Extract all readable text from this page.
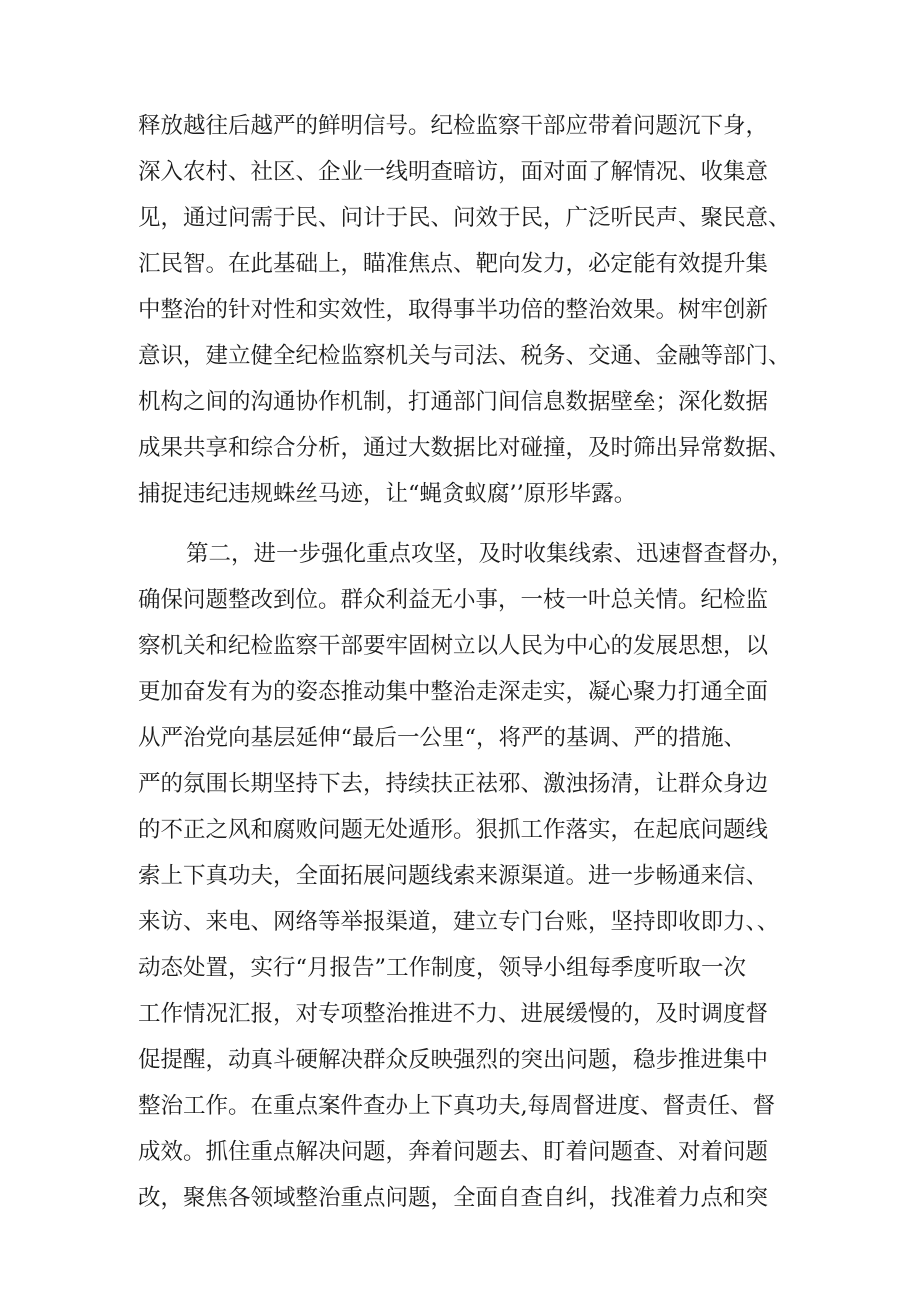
释放越往后越严的鲜明信号。纪检监察干部应带着问题沉下身，
深入农村、社区、企业一线明查暗访，面对面了解情况、收集意
见，通过问需于民、问计于民、问效于民，广泛听民声、聚民意、
汇民智。在此基础上，瞄准焦点、靶向发力，必定能有效提升集
中整治的针对性和实效性，取得事半功倍的整治效果。树牢创新
意识，建立健全纪检监察机关与司法、税务、交通、金融等部门、
机构之间的沟通协作机制，打通部门间信息数据壁垒；深化数据
成果共享和综合分析，通过大数据比对碰撞，及时筛出异常数据、
捕捉违纪违规蛛丝马迹，让“蝇贪蚁腐’’原形毕露。
第二，进一步强化重点攻坚，及时收集线索、迅速督查督办，
确保问题整改到位。群众利益无小事，一枝一叶总关情。纪检监
察机关和纪检监察干部要牢固树立以人民为中心的发展思想，以
更加奋发有为的姿态推动集中整治走深走实，凝心聚力打通全面
从严治党向基层延伸“最后一公里“，将严的基调、严的措施、
严的氛围长期坚持下去，持续扶正祛邪、激浊扬清，让群众身边
的不正之风和腐败问题无处遁形。狠抓工作落实，在起底问题线
索上下真功夫，全面拓展问题线索来源渠道。进一步畅通来信、
来访、来电、网络等举报渠道，建立专门台账，坚持即收即力、、
动态处置，实行“月报告”工作制度，领导小组每季度听取一次
工作情况汇报，对专项整治推进不力、进展缓慢的，及时调度督
促提醒，动真斗硬解决群众反映强烈的突出问题，稳步推进集中
整治工作。在重点案件查办上下真功夫,每周督进度、督责任、督
成效。抓住重点解决问题，奔着问题去、盯着问题查、对着问题
改，聚焦各领域整治重点问题，全面自查自纠，找准着力点和突
